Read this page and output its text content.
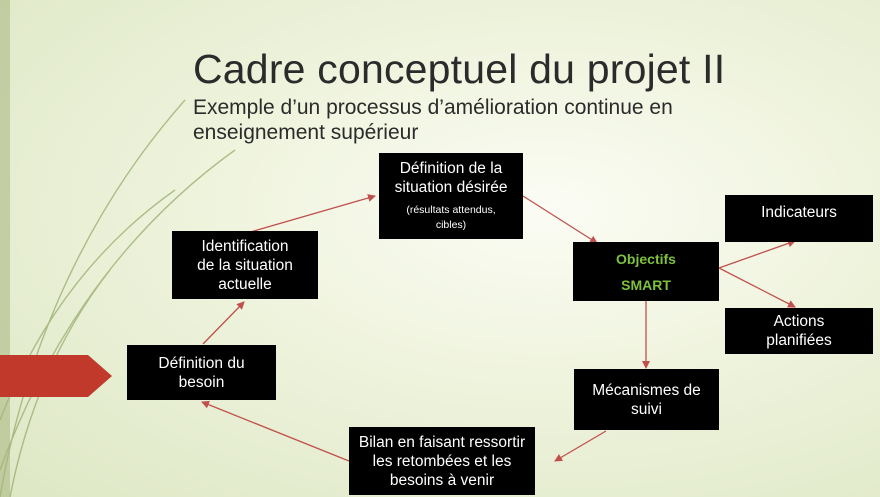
Cadre conceptuel du projet II
Exemple d’un processus d’amélioration continue en
enseignement supérieur
Définition de la
situation désirée
(résultats attendus,
cibles)
Identification
de la situation
actuelle
Objectifs
SMART
Indicateurs
Actions
planifiées
Définition du
besoin	Mécanismes de
suivi
Bilan en faisant ressortir
les retombées et les
besoins à venir
